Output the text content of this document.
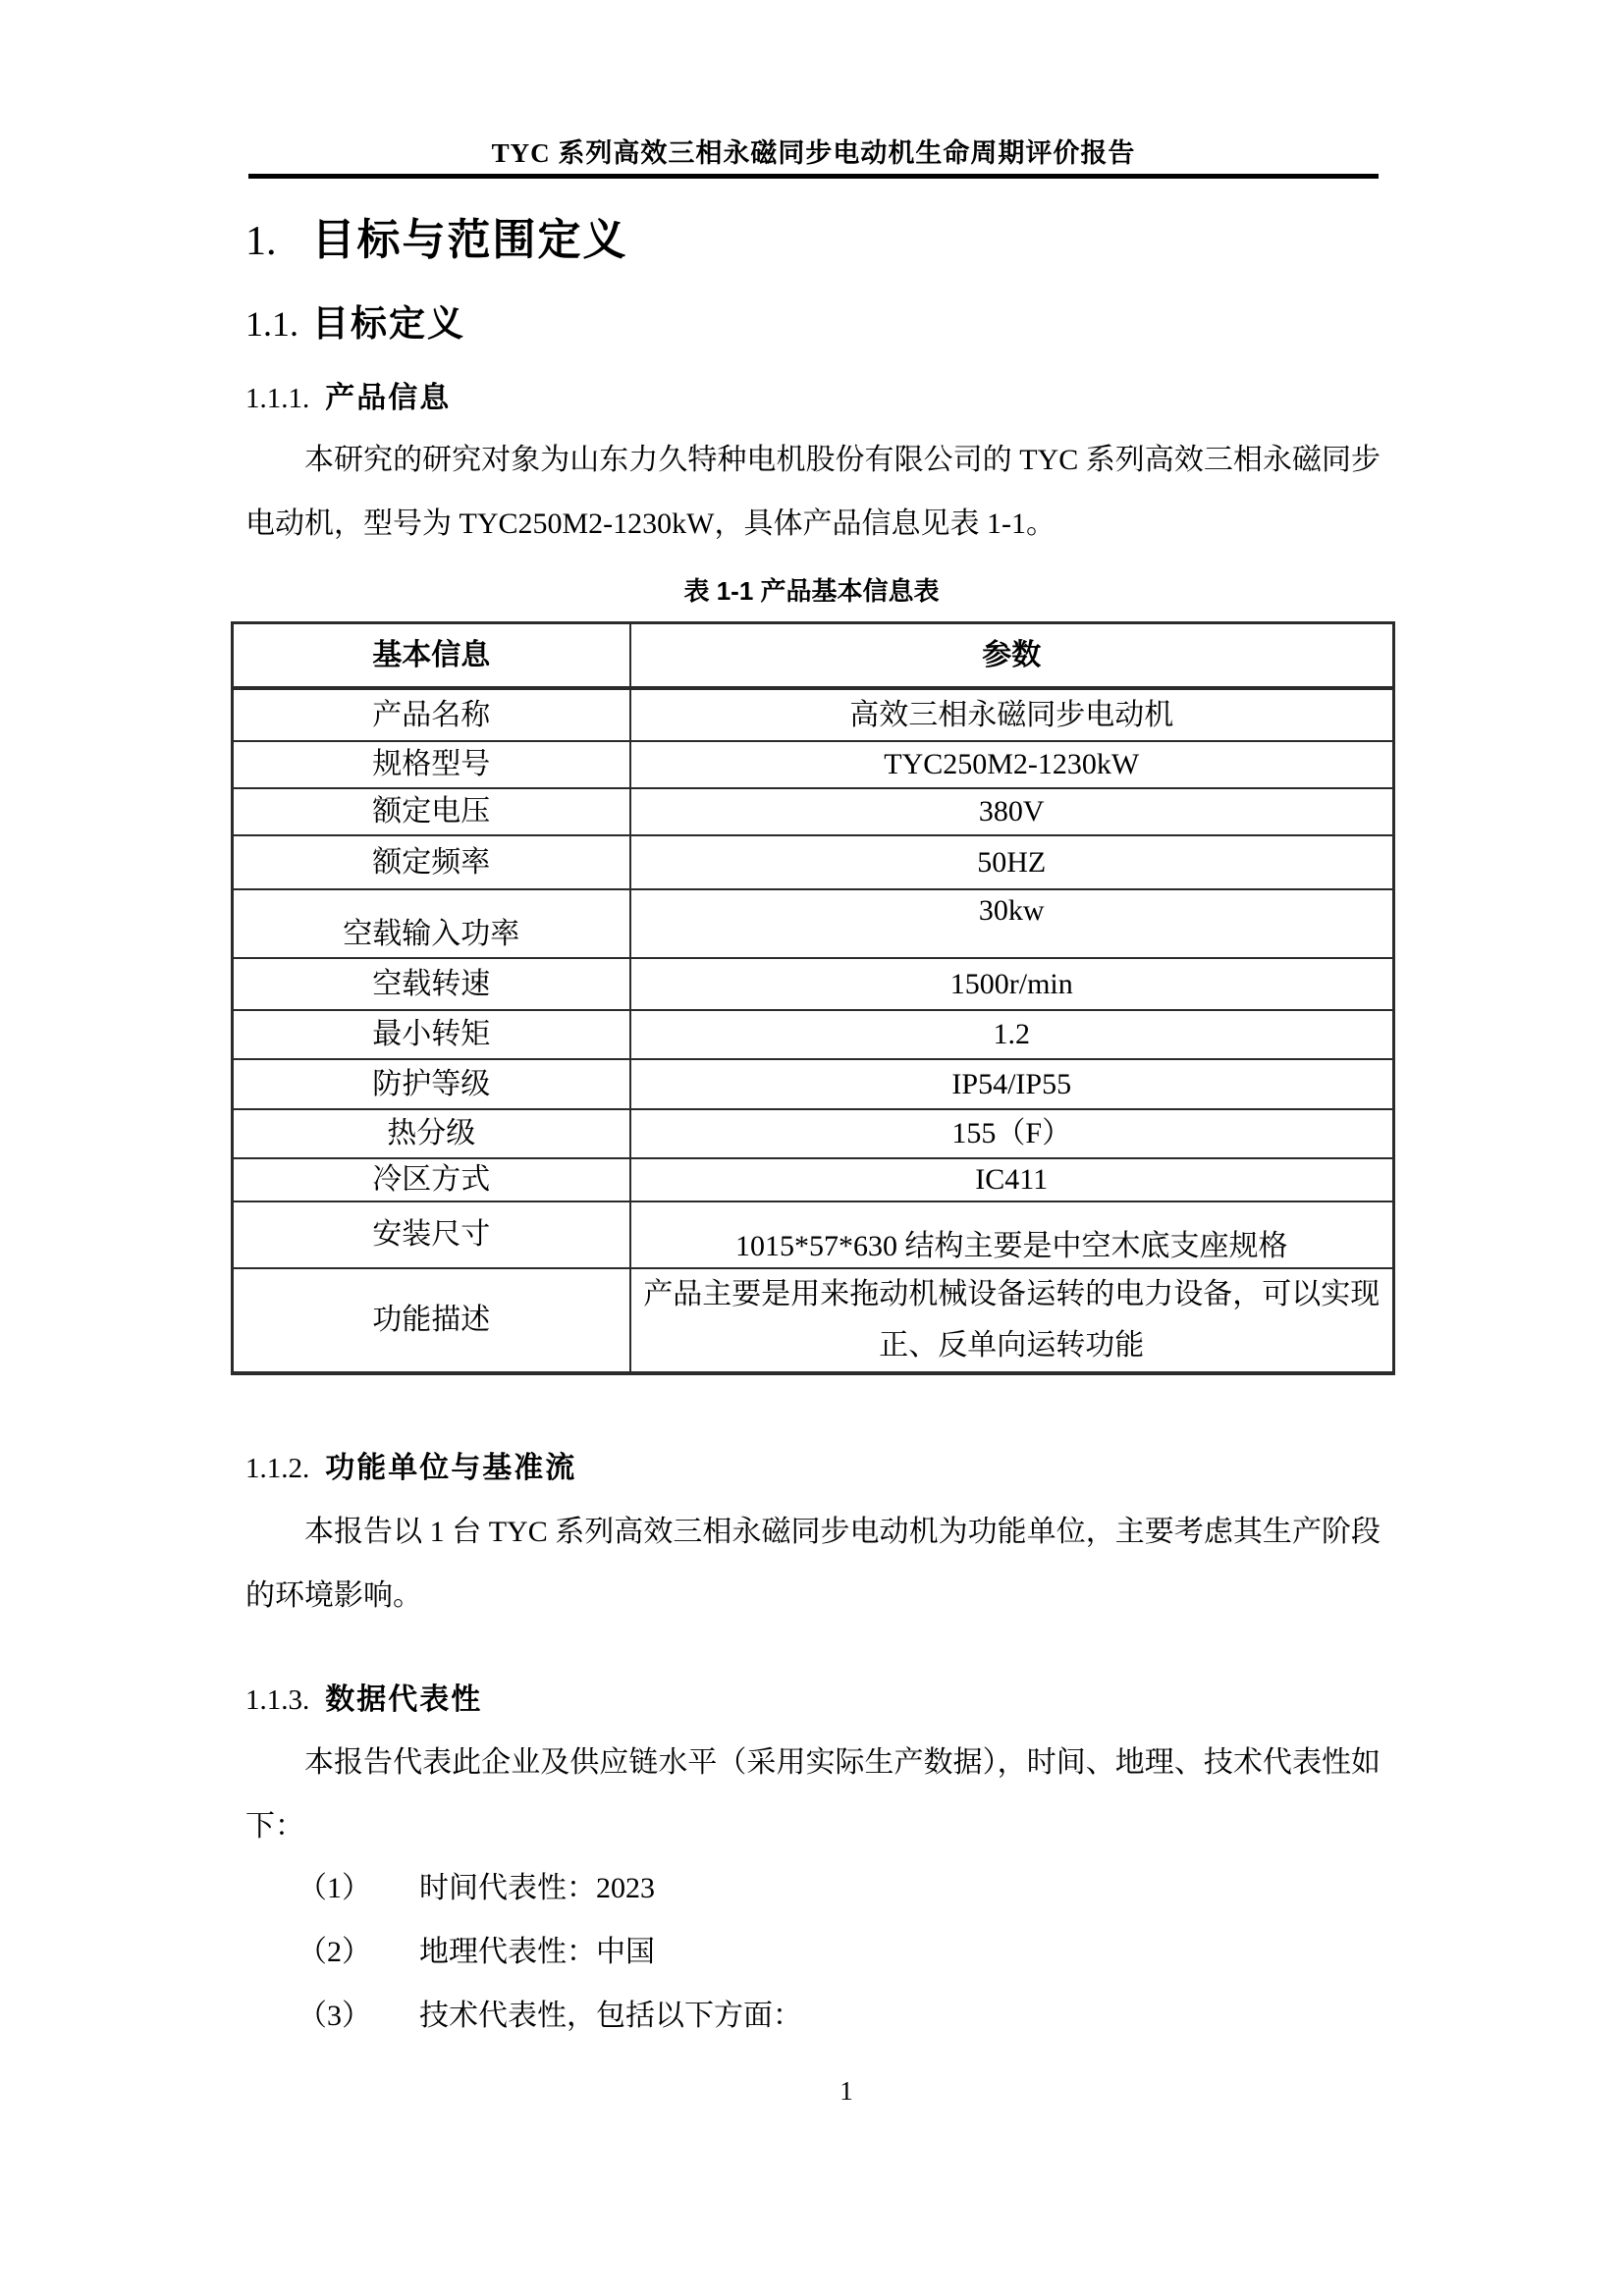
TYC 系列高效三相永磁同步电动机生命周期评价报告
1. 目标与范围定义
1.1. 目标定义
1.1.1. 产品信息
本研究的研究对象为山东力久特种电机股份有限公司的 TYC 系列高效三相永磁同步电动机，型号为 TYC250M2-1230kW，具体产品信息见表 1-1。
表 1-1 产品基本信息表
基本信息	参数
产品名称	高效三相永磁同步电动机
规格型号	TYC250M2-1230kW
额定电压	380V
额定频率	50HZ
空载输入功率	30kw
空载转速	1500r/min
最小转矩	1.2
防护等级	IP54/IP55
热分级	155（F）
冷区方式	IC411
安装尺寸	1015*57*630 结构主要是中空木底支座规格
功能描述	产品主要是用来拖动机械设备运转的电力设备，可以实现正、反单向运转功能
1.1.2. 功能单位与基准流
本报告以 1 台 TYC 系列高效三相永磁同步电动机为功能单位，主要考虑其生产阶段的环境影响。
1.1.3. 数据代表性
本报告代表此企业及供应链水平（采用实际生产数据），时间、地理、技术代表性如下：
（1） 时间代表性：2023
（2） 地理代表性：中国
（3） 技术代表性，包括以下方面：
1
